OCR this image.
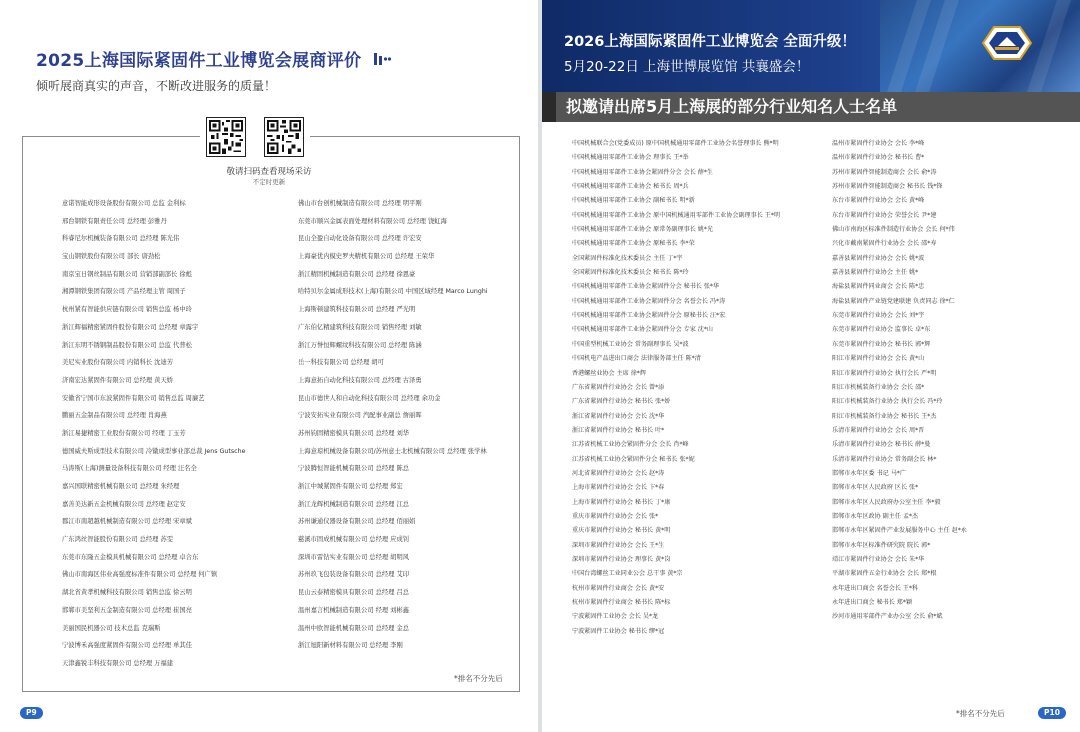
2025上海国际紧固件工业博览会展商评价
倾听展商真实的声音，不断改进服务的质量！
敬请扫码查看现场采访
不定时更新
意诺智能成形设备股份有限公司 总监 金利标
邢台钢铁有限责任公司 总经理 彭雅丹
科睿尼尔机械装备有限公司 总经理 陈光伟
宝山钢铁股份有限公司 部长 唐劲松
南京宝日钢丝制品有限公司 营销部副部长 徐彪
湘潭钢铁集团有限公司 产品经理主管 周国子
杭州紧有智能供应链有限公司 销售总监 杨中玲
浙江辉福精密紧固件股份有限公司 总经理 章露宇
浙江东明不锈钢制品股份有限公司 总监 代普松
美尼实业股份有限公司 内销科长 沈迪芳
济南宏达紧固件有限公司 总经理 黄天娇
安徽省宁国市东波紧固件有限公司 销售总监 周廉艺
鹏丽五金制品有限公司 总经理 肖海燕
浙江易捷精密工业股份有限公司 经理 丁玉芳
德国威夫斯成型技术有限公司 冷镦成型事业部总裁 Jens Gutsche
马涛斯(上海)测量设备科技有限公司 经理 汪名全
嘉兴国联精密机械有限公司 总经理 朱经理
嘉善美达新五金机械有限公司 总经理 赵定安
郡江市南超越机械制造有限公司 总经理 宋章斌
广东鸿丝智能股份有限公司 总经理 苏雯
东莞市东隆五金模具机械有限公司 总经理 卓合东
佛山市南海区伟业高强度标准件有限公司 总经理 何广镇
湖北省黄孝机械科技有限公司 销售总监 徐云明
邯郸市美坚利五金制造有限公司 总经理 崔国亮
美丽国民机器公司 技术总监 克瑞斯
宁波博禾高强度紧固件有限公司 总经理 单其佳
天津鑫锐丰科技有限公司 总经理 万福建
佛山市台创机械制造有限公司 总经理 明平刚
东莞市顺兴金属表面处理材料有限公司 总经理 饶虹海
昆山全盈自动化设备有限公司 总经理 许宏安
上海豪优内模史罗夫精机有限公司 总经理 王荣华
浙江精固机械制造有限公司 总经理 徐恩豪
哈特贝尔金属成形技术(上海)有限公司 中国区域经理 Marco Lunghi
上海斯顿建筑科技有限公司 总经理 严光明
广东伯亿精建筑科技有限公司 销售经理 刘敏
浙江万誉恒辉螺纹科技有限公司 总经理 陈涵
岳一科技有限公司 总经理 胡可
上海意拓自动化科技有限公司 总经理 古泽勇
昆山市德世人和自动化科技有限公司 总经理 余功金
宁波安拓实业有限公司 汽配事业副总 詹丽晖
苏州钧固精密模具有限公司 总经理 刘华
上海意琼机械设备有限公司/苏州意士北机械有限公司 总经理 张学林
宁波腾恒智能机械有限公司 总经理 陈总
浙江中城紧固件有限公司 总经理 郑宏
浙江龙辉机械制造有限公司 总经理 江总
苏州谦通仪器设备有限公司 总经理 佰丽娟
慈溪市固成机械有限公司 总经理 应成钊
深圳市雷钻实业有限公司 总经理 胡明风
苏州玖飞包装设备有限公司 总经理 艾印
昆山云泰精密模具有限公司 总经理 吕总
温州嘉言机械制造有限公司 经理 刘彬鑫
温州中欧智能机械有限公司 总经理 金总
浙江旭阳新材料有限公司 总经理 李刚
*排名不分先后
P9
2026上海国际紧固件工业博览会 全面升级！
5月20-22日 上海世博展览馆 共襄盛会！
拟邀请出席5月上海展的部分行业知名人士名单
中国机械联合会(党委成员) 原中国机械通用零部件工业协会名誉理事长 熊*明
中国机械通用零部件工业协会 理事长 王*举
中国机械通用零部件工业协会紧固件分会 会长 薛*生
中国机械通用零部件工业协会 秘书长 周*兵
中国机械通用零部件工业协会 副秘书长 明*新
中国机械通用零部件工业协会 原中国机械通用零部件工业协会副理事长 王*明
中国机械通用零部件工业协会 原常务副理事长 姚*光
中国机械通用零部件工业协会 原秘书长 李*荣
全国紧固件标准化技术委员会 主任 丁*宇
全国紧固件标准化技术委员会 秘书长 陈*玲
中国机械通用零部件工业协会紧固件分会 秘书长 张*华
中国机械通用零部件工业协会紧固件分会 名誉会长 冯*涛
中国机械通用零部件工业协会紧固件分会 原秘书长 汪*宏
中国机械通用零部件工业协会紧固件分会 专家 沈*山
中国重型机械工业协会 常务副理事长 吴*波
中国机电产品进出口商会 法律服务部主任 陈*清
香港螺丝业协会 主席 徐*辉
广东省紧固件行业协会 会长 曾*添
广东省紧固件行业协会 秘书长 张*娇
浙江省紧固件行业协会 会长 沈*华
浙江省紧固件行业协会 秘书长 叶*
江苏省机械工业协会紧固件分会 会长 肖*峰
江苏省机械工业协会紧固件分会 秘书长 张*妮
河北省紧固件行业协会 会长 赵*涛
上海市紧固件行业协会 会长 卞*春
上海市紧固件行业协会 秘书长 丁*康
重庆市紧固件行业协会 会长 张*
重庆市紧固件行业协会 秘书长 黄*明
深圳市紧固件行业协会 会长 王*生
深圳市紧固件行业协会 理事长 黄*岗
中国台湾螺丝工业同业公会 总干事 黄*宗
杭州市紧固件行业商会 会长 黄*安
杭州市紧固件行业商会 秘书长 陈*标
宁波紧固件工业协会 会长 吴*龙
宁波紧固件工业协会 秘书长 缪*冠
温州市紧固件行业协会 会长 李*峰
温州市紧固件行业协会 秘书长 曹*
苏州市紧固件智能制造商会 会长 俞*涛
苏州市紧固件智能制造商会 秘书长 钱*锋
东台市紧固件行业协会 会长 黄*峰
东台市紧固件行业协会 荣誉会长 尹*建
佛山市南海区标准件制造行业协会 会长 何*伟
兴化市戴南紧固件行业协会 会长 邵*寿
嘉善县紧固件行业协会 会长 姚*波
嘉善县紧固件行业协会 主任 姚*
海盐县紧固件同业商会 会长 陈*忠
海盐县紧固件产业链党建联建 负责同志 徐*仁
东莞市紧固件行业协会 会长 刘*宇
东莞市紧固件行业协会 监事长 卓*东
东莞市紧固件行业协会 秘书长 郭*辉
阳江市紧固件行业协会 会长 黄*山
阳江市紧固件行业协会 执行会长 严*明
阳江市机械装备行业协会 会长 邵*
阳江市机械装备行业协会 执行会长 冯*玲
阳江市机械装备行业协会 秘书长 王*杰
乐清市紧固件行业协会 会长 周*晋
乐清市紧固件行业协会 秘书长 薛*曼
乐清市紧固件行业协会 常务副会长 林*
邯郸市永年区委 书记 马*广
邯郸市永年区人民政府 区长 张*
邯郸市永年区人民政府办公室主任 李*毅
邯郸市永年区政协 副主任 孟*杰
邯郸市永年区紧固件产业发展服务中心 主任 赵*永
邯郸市永年区标准件研究院 院长 郭*
靖江市紧固件行业协会 会长 朱*华
平湖市紧固件五金行业协会 会长 郑*根
永年进出口商会 名誉会长 王*科
永年进出口商会 秘书长 郑*颖
沙河市通用零部件产业办公室 会长 俞*斌
*排名不分先后	P10
